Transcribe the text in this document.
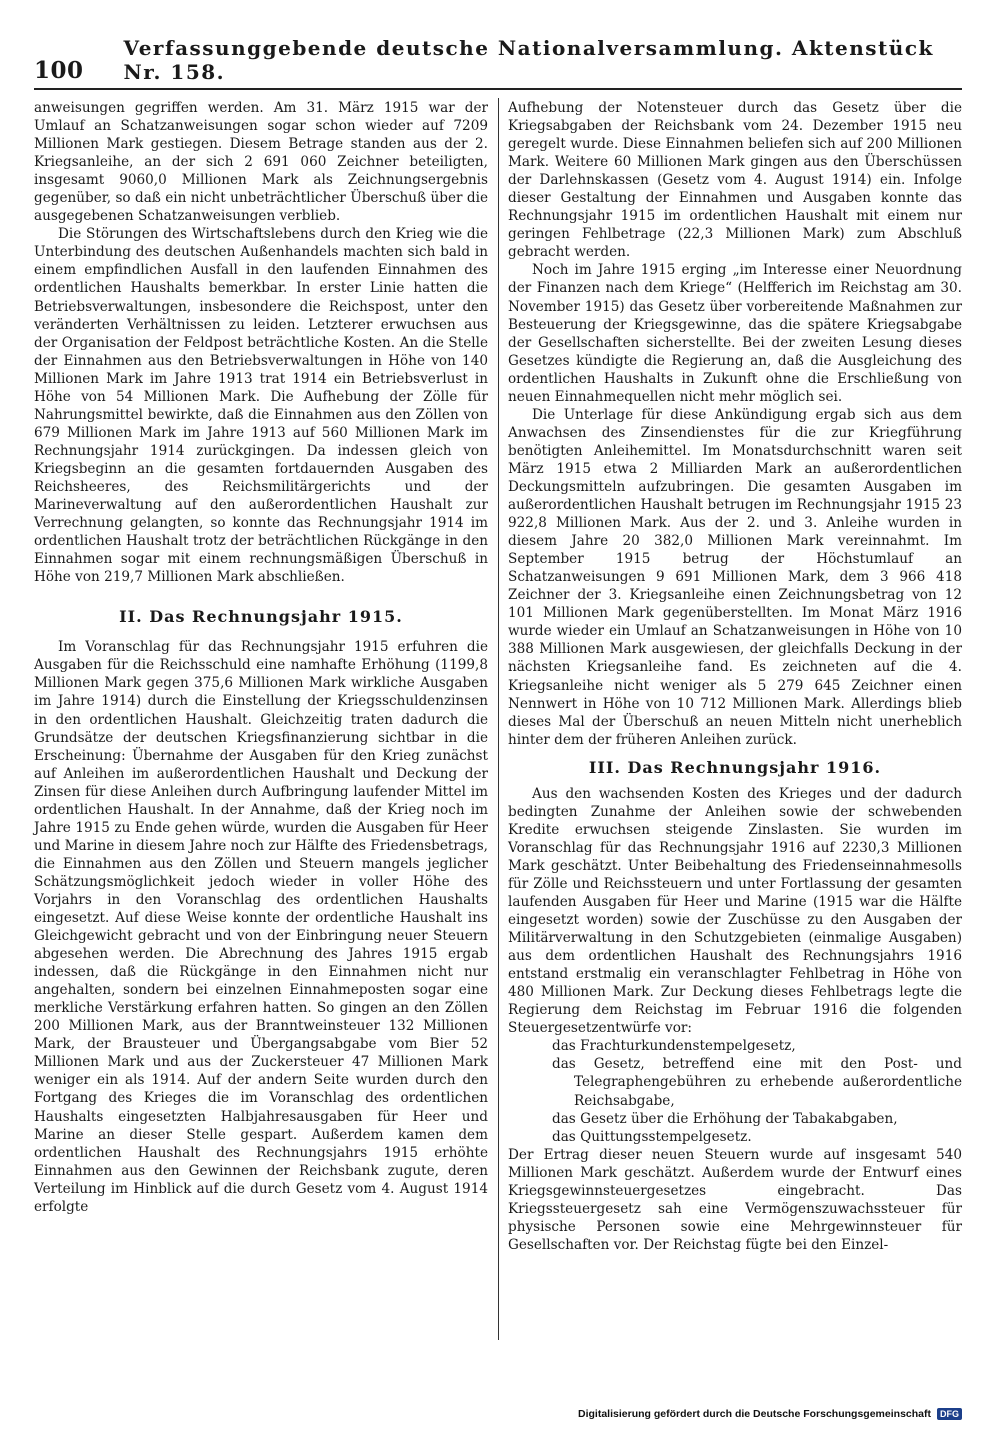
100
Verfassunggebende deutsche Nationalversammlung. Aktenstück Nr. 158.

anweisungen gegriffen werden. Am 31. März 1915 war der Umlauf an Schatzanweisungen sogar schon wieder auf 7209 Millionen Mark gestiegen. Diesem Betrage standen aus der 2. Kriegsanleihe, an der sich 2 691 060 Zeichner beteiligten, insgesamt 9060,0 Millionen Mark als Zeichnungsergebnis gegenüber, so daß ein nicht unbeträchtlicher Überschuß über die ausgegebenen Schatzanweisungen verblieb.

Die Störungen des Wirtschaftslebens durch den Krieg wie die Unterbindung des deutschen Außenhandels machten sich bald in einem empfindlichen Ausfall in den laufenden Einnahmen des ordentlichen Haushalts bemerkbar. In erster Linie hatten die Betriebsverwaltungen, insbesondere die Reichspost, unter den veränderten Verhältnissen zu leiden. Letzterer erwuchsen aus der Organisation der Feldpost beträchtliche Kosten. An die Stelle der Einnahmen aus den Betriebsverwaltungen in Höhe von 140 Millionen Mark im Jahre 1913 trat 1914 ein Betriebsverlust in Höhe von 54 Millionen Mark. Die Aufhebung der Zölle für Nahrungsmittel bewirkte, daß die Einnahmen aus den Zöllen von 679 Millionen Mark im Jahre 1913 auf 560 Millionen Mark im Rechnungsjahr 1914 zurückgingen. Da indessen gleich von Kriegsbeginn an die gesamten fortdauernden Ausgaben des Reichsheeres, des Reichsmilitärgerichts und der Marineverwaltung auf den außerordentlichen Haushalt zur Verrechnung gelangten, so konnte das Rechnungsjahr 1914 im ordentlichen Haushalt trotz der beträchtlichen Rückgänge in den Einnahmen sogar mit einem rechnungsmäßigen Überschuß in Höhe von 219,7 Millionen Mark abschließen.

II. Das Rechnungsjahr 1915.

Im Voranschlag für das Rechnungsjahr 1915 erfuhren die Ausgaben für die Reichsschuld eine namhafte Erhöhung (1199,8 Millionen Mark gegen 375,6 Millionen Mark wirkliche Ausgaben im Jahre 1914) durch die Einstellung der Kriegsschuldenzinsen in den ordentlichen Haushalt. Gleichzeitig traten dadurch die Grundsätze der deutschen Kriegsfinanzierung sichtbar in die Erscheinung: Übernahme der Ausgaben für den Krieg zunächst auf Anleihen im außerordentlichen Haushalt und Deckung der Zinsen für diese Anleihen durch Aufbringung laufender Mittel im ordentlichen Haushalt. In der Annahme, daß der Krieg noch im Jahre 1915 zu Ende gehen würde, wurden die Ausgaben für Heer und Marine in diesem Jahre noch zur Hälfte des Friedensbetrags, die Einnahmen aus den Zöllen und Steuern mangels jeglicher Schätzungsmöglichkeit jedoch wieder in voller Höhe des Vorjahrs in den Voranschlag des ordentlichen Haushalts eingesetzt. Auf diese Weise konnte der ordentliche Haushalt ins Gleichgewicht gebracht und von der Einbringung neuer Steuern abgesehen werden. Die Abrechnung des Jahres 1915 ergab indessen, daß die Rückgänge in den Einnahmen nicht nur angehalten, sondern bei einzelnen Einnahmeposten sogar eine merkliche Verstärkung erfahren hatten. So gingen an den Zöllen 200 Millionen Mark, aus der Branntweinsteuer 132 Millionen Mark, der Brausteuer und Übergangsabgabe vom Bier 52 Millionen Mark und aus der Zuckersteuer 47 Millionen Mark weniger ein als 1914. Auf der andern Seite wurden durch den Fortgang des Krieges die im Voranschlag des ordentlichen Haushalts eingesetzten Halbjahresausgaben für Heer und Marine an dieser Stelle gespart. Außerdem kamen dem ordentlichen Haushalt des Rechnungsjahrs 1915 erhöhte Einnahmen aus den Gewinnen der Reichsbank zugute, deren Verteilung im Hinblick auf die durch Gesetz vom 4. August 1914 erfolgte

Aufhebung der Notensteuer durch das Gesetz über die Kriegsabgaben der Reichsbank vom 24. Dezember 1915 neu geregelt wurde. Diese Einnahmen beliefen sich auf 200 Millionen Mark. Weitere 60 Millionen Mark gingen aus den Überschüssen der Darlehnskassen (Gesetz vom 4. August 1914) ein. Infolge dieser Gestaltung der Einnahmen und Ausgaben konnte das Rechnungsjahr 1915 im ordentlichen Haushalt mit einem nur geringen Fehlbetrage (22,3 Millionen Mark) zum Abschluß gebracht werden.

Noch im Jahre 1915 erging „im Interesse einer Neuordnung der Finanzen nach dem Kriege“ (Helfferich im Reichstag am 30. November 1915) das Gesetz über vorbereitende Maßnahmen zur Besteuerung der Kriegsgewinne, das die spätere Kriegsabgabe der Gesellschaften sicherstellte. Bei der zweiten Lesung dieses Gesetzes kündigte die Regierung an, daß die Ausgleichung des ordentlichen Haushalts in Zukunft ohne die Erschließung von neuen Einnahmequellen nicht mehr möglich sei.

Die Unterlage für diese Ankündigung ergab sich aus dem Anwachsen des Zinsendienstes für die zur Kriegführung benötigten Anleihemittel. Im Monatsdurchschnitt waren seit März 1915 etwa 2 Milliarden Mark an außerordentlichen Deckungsmitteln aufzubringen. Die gesamten Ausgaben im außerordentlichen Haushalt betrugen im Rechnungsjahr 1915 23 922,8 Millionen Mark. Aus der 2. und 3. Anleihe wurden in diesem Jahre 20 382,0 Millionen Mark vereinnahmt. Im September 1915 betrug der Höchstumlauf an Schatzanweisungen 9 691 Millionen Mark, dem 3 966 418 Zeichner der 3. Kriegsanleihe einen Zeichnungsbetrag von 12 101 Millionen Mark gegenüberstellten. Im Monat März 1916 wurde wieder ein Umlauf an Schatzanweisungen in Höhe von 10 388 Millionen Mark ausgewiesen, der gleichfalls Deckung in der nächsten Kriegsanleihe fand. Es zeichneten auf die 4. Kriegsanleihe nicht weniger als 5 279 645 Zeichner einen Nennwert in Höhe von 10 712 Millionen Mark. Allerdings blieb dieses Mal der Überschuß an neuen Mitteln nicht unerheblich hinter dem der früheren Anleihen zurück.

III. Das Rechnungsjahr 1916.

Aus den wachsenden Kosten des Krieges und der dadurch bedingten Zunahme der Anleihen sowie der schwebenden Kredite erwuchsen steigende Zinslasten. Sie wurden im Voranschlag für das Rechnungsjahr 1916 auf 2230,3 Millionen Mark geschätzt. Unter Beibehaltung des Friedenseinnahmesolls für Zölle und Reichssteuern und unter Fortlassung der gesamten laufenden Ausgaben für Heer und Marine (1915 war die Hälfte eingesetzt worden) sowie der Zuschüsse zu den Ausgaben der Militärverwaltung in den Schutzgebieten (einmalige Ausgaben) aus dem ordentlichen Haushalt des Rechnungsjahrs 1916 entstand erstmalig ein veranschlagter Fehlbetrag in Höhe von 480 Millionen Mark. Zur Deckung dieses Fehlbetrags legte die Regierung dem Reichstag im Februar 1916 die folgenden Steuergesetzentwürfe vor:

das Frachturkundenstempelgesetz,
das Gesetz, betreffend eine mit den Post- und Telegraphengebühren zu erhebende außerordentliche Reichsabgabe,
das Gesetz über die Erhöhung der Tabakabgaben,
das Quittungsstempelgesetz.

Der Ertrag dieser neuen Steuern wurde auf insgesamt 540 Millionen Mark geschätzt. Außerdem wurde der Entwurf eines Kriegsgewinnsteuergesetzes eingebracht. Das Kriegssteuergesetz sah eine Vermögenszuwachssteuer für physische Personen sowie eine Mehrgewinnsteuer für Gesellschaften vor. Der Reichstag fügte bei den Einzel-

Digitalisierung gefördert durch die Deutsche Forschungsgemeinschaft	DFG
